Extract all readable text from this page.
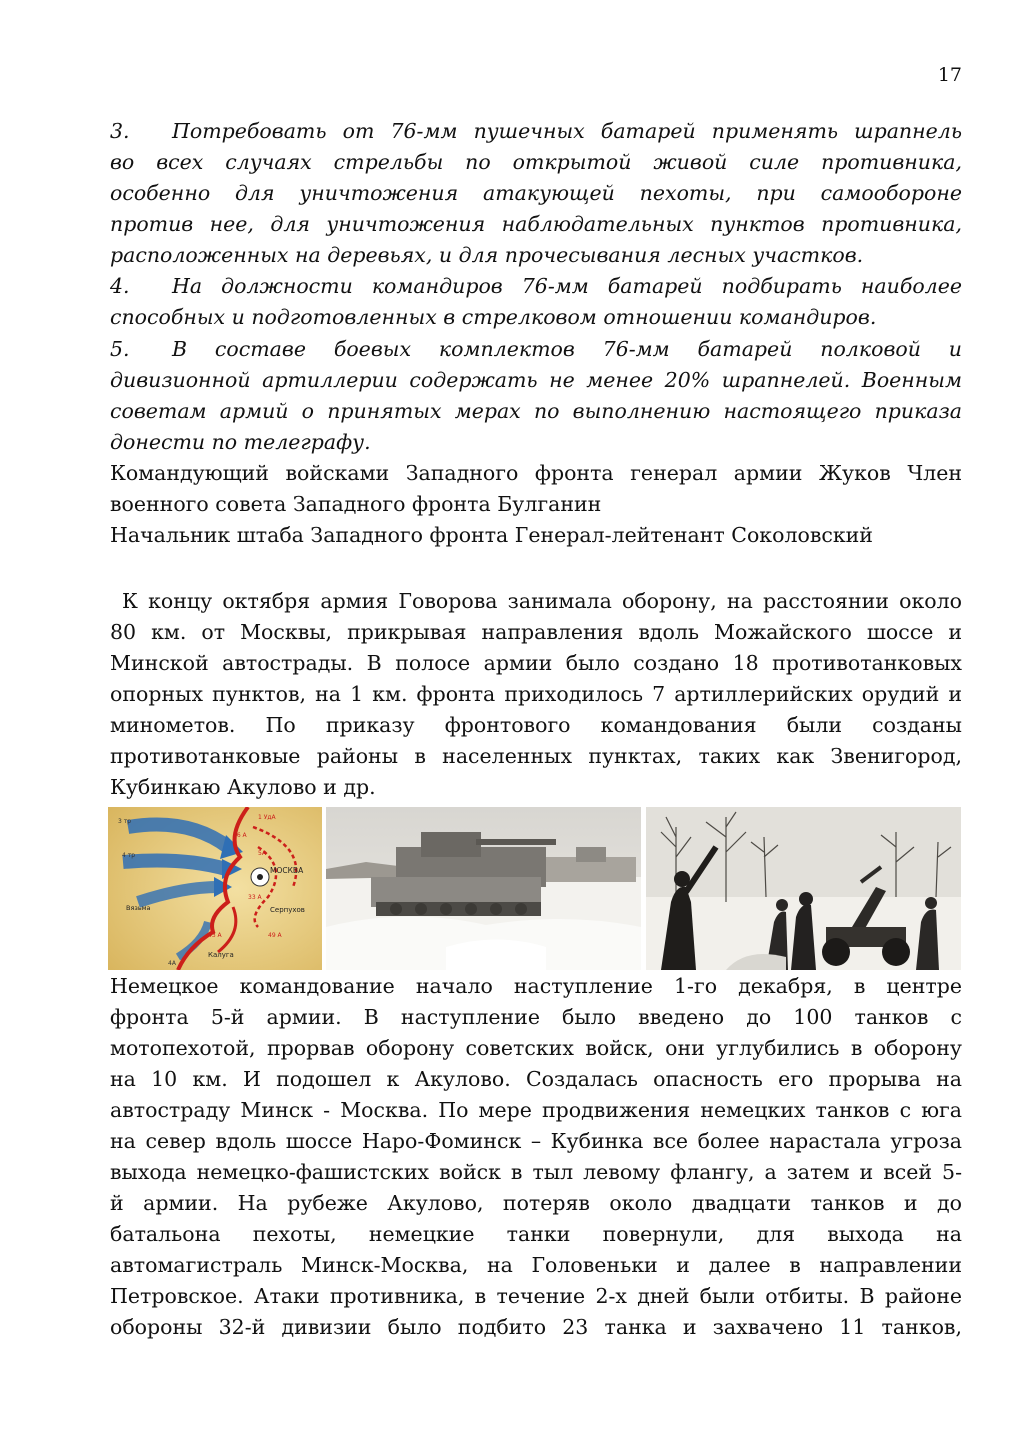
17
3. Потребовать от 76-мм пушечных батарей применять шрапнель
во всех случаях стрельбы по открытой живой силе противника,
особенно для уничтожения атакующей пехоты, при самообороне
против нее, для уничтожения наблюдательных пунктов противника,
расположенных на деревьях, и для прочесывания лесных участков.
4. На должности командиров 76-мм батарей подбирать наиболее
способных и подготовленных в стрелковом отношении командиров.
5. В составе боевых комплектов 76-мм батарей полковой и
дивизионной артиллерии содержать не менее 20% шрапнелей. Военным
советам армий о принятых мерах по выполнению настоящего приказа
донести по телеграфу.
Командующий войсками Западного фронта генерал армии Жуков Член
военного совета Западного фронта Булганин
Начальник штаба Западного фронта Генерал-лейтенант Соколовский
К концу октября армия Говорова занимала оборону, на расстоянии около
80 км. от Москвы, прикрывая направления вдоль Можайского шоссе и
Минской автострады. В полосе армии было создано 18 противотанковых
опорных пунктов, на 1 км. фронта приходилось 7 артиллерийских орудий и
минометов. По приказу фронтового командования были созданы
противотанковые районы в населенных пунктах, таких как Звенигород,
Кубинкаю Акулово и др.
МОСКВА
Серпухов
Калуга
Вязьма
3 тр
4 тр
1 УдА
5А
33 А
49 А
4А
43 А
16 А
Немецкое командование начало наступление 1-го декабря, в центре
фронта 5-й армии. В наступление было введено до 100 танков с
мотопехотой, прорвав оборону советских войск, они углубились в оборону
на 10 км. И подошел к Акулово. Создалась опасность его прорыва на
автостраду Минск - Москва. По мере продвижения немецких танков с юга
на север вдоль шоссе Наро-Фоминск – Кубинка все более нарастала угроза
выхода немецко-фашистских войск в тыл левому флангу, а затем и всей 5-
й армии. На рубеже Акулово, потеряв около двадцати танков и до
батальона пехоты, немецкие танки повернули, для выхода на
автомагистраль Минск-Москва, на Головеньки и далее в направлении
Петровское. Атаки противника, в течение 2-х дней были отбиты. В районе
обороны 32-й дивизии было подбито 23 танка и захвачено 11 танков,
